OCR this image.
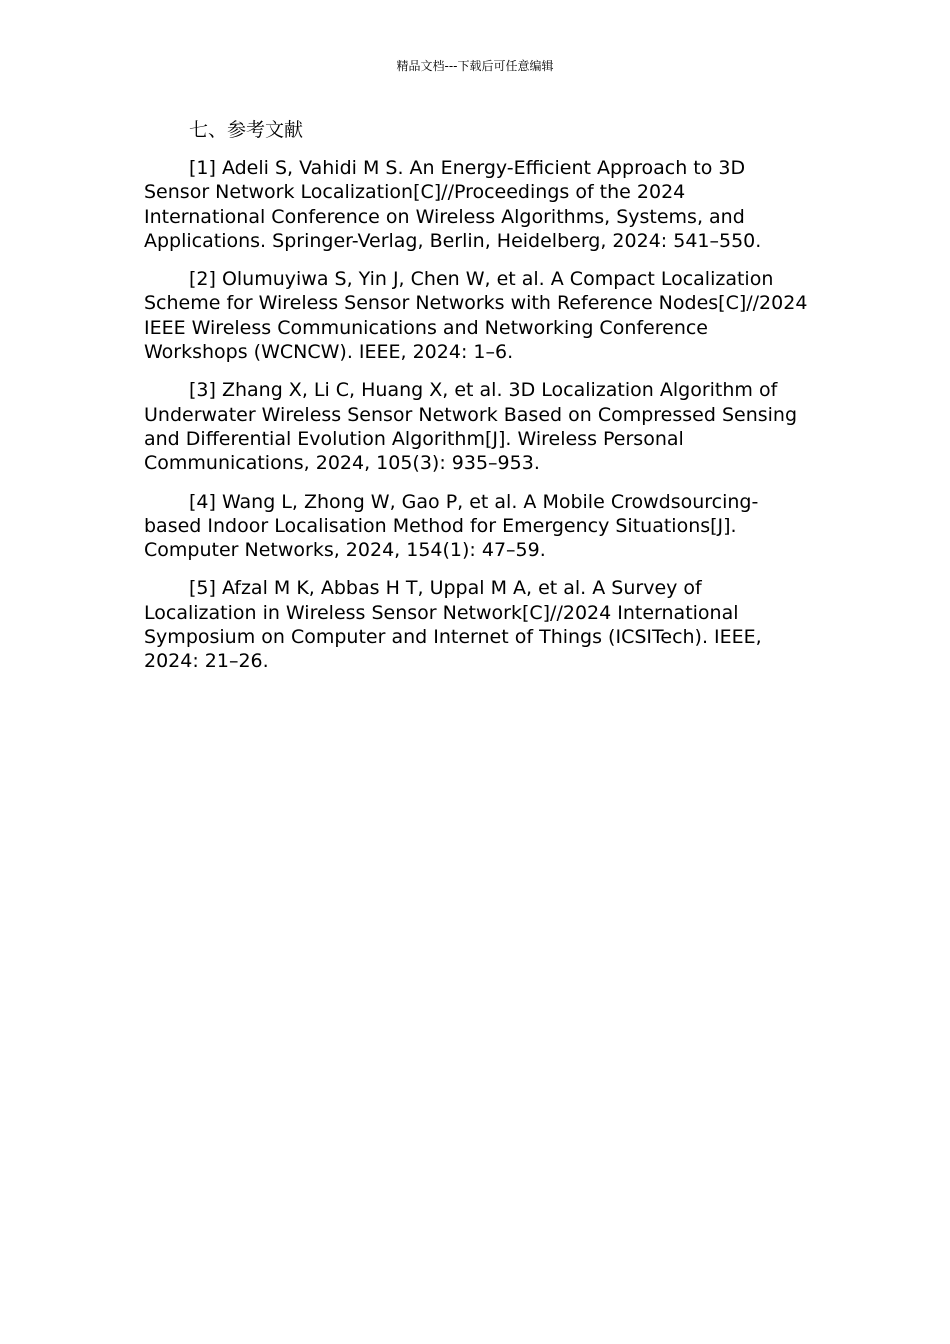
精品文档---下载后可任意编辑
七、参考文献
[1] Adeli S, Vahidi M S. An Energy-Efficient Approach to 3D Sensor Network Localization[C]//Proceedings of the 2024 International Conference on Wireless Algorithms, Systems, and Applications. Springer-Verlag, Berlin, Heidelberg, 2024: 541–550.
[2] Olumuyiwa S, Yin J, Chen W, et al. A Compact Localization Scheme for Wireless Sensor Networks with Reference Nodes[C]//2024 IEEE Wireless Communications and Networking Conference Workshops (WCNCW). IEEE, 2024: 1–6.
[3] Zhang X, Li C, Huang X, et al. 3D Localization Algorithm of Underwater Wireless Sensor Network Based on Compressed Sensing and Differential Evolution Algorithm[J]. Wireless Personal Communications, 2024, 105(3): 935–953.
[4] Wang L, Zhong W, Gao P, et al. A Mobile Crowdsourcing-based Indoor Localisation Method for Emergency Situations[J]. Computer Networks, 2024, 154(1): 47–59.
[5] Afzal M K, Abbas H T, Uppal M A, et al. A Survey of Localization in Wireless Sensor Network[C]//2024 International Symposium on Computer and Internet of Things (ICSITech). IEEE, 2024: 21–26.
